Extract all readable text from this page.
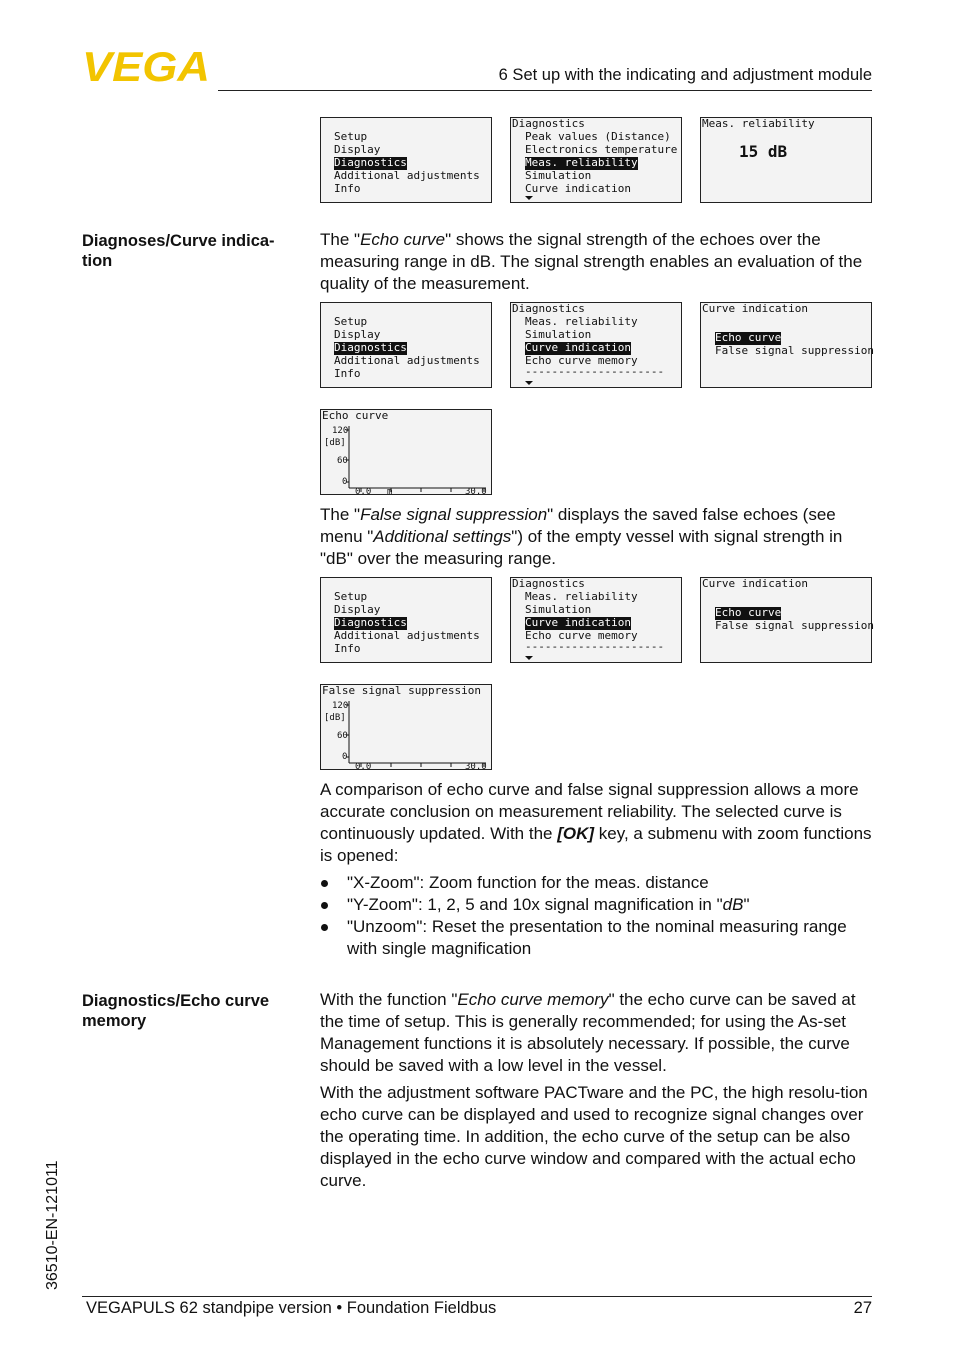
VEGA	6 Set up with the indicating and adjustment module
Setup
Display
Diagnostics
Additional adjustments
Info
Diagnostics
Peak values (Distance)
Electronics temperature
Meas. reliability
Simulation
Curve indication
Meas. reliability
15 dB
Diagnoses/Curve indica-
tion

The "Echo curve" shows the signal strength of the echoes over the measuring range in dB. The signal strength enables an evaluation of the quality of the measurement.

Setup
Display
Diagnostics
Additional adjustments
Info
Diagnostics
Meas. reliability
Simulation
Curve indication
Echo curve memory
---------------------
Curve indication
Echo curve
False signal suppression
Echo curve
120
[dB]
60
0
0.0 m	30.0

The "False signal suppression" displays the saved false echoes (see menu "Additional settings") of the empty vessel with signal strength in "dB" over the measuring range.

Setup
Display
Diagnostics
Additional adjustments
Info
Diagnostics
Meas. reliability
Simulation
Curve indication
Echo curve memory
---------------------
Curve indication
Echo curve
False signal suppression
False signal suppression
120
[dB]
60
0
0.0	30.0

A comparison of echo curve and false signal suppression allows a more accurate conclusion on measurement reliability. The selected curve is continuously updated. With the [OK] key, a submenu with zoom functions is opened:

"X-Zoom": Zoom function for the meas. distance
"Y-Zoom": 1, 2, 5 and 10x signal magnification in "dB"
"Unzoom": Reset the presentation to the nominal measuring range with single magnification
Diagnostics/Echo curve
memory

With the function "Echo curve memory" the echo curve can be saved at the time of setup. This is generally recommended; for using the As-set Management functions it is absolutely necessary. If possible, the curve should be saved with a low level in the vessel.

With the adjustment software PACTware and the PC, the high resolu-tion echo curve can be displayed and used to recognize signal changes over the operating time. In addition, the echo curve of the setup can be also displayed in the echo curve window and compared with the actual echo curve.

36510-EN-121011
VEGAPULS 62 standpipe version • Foundation Fieldbus	27
